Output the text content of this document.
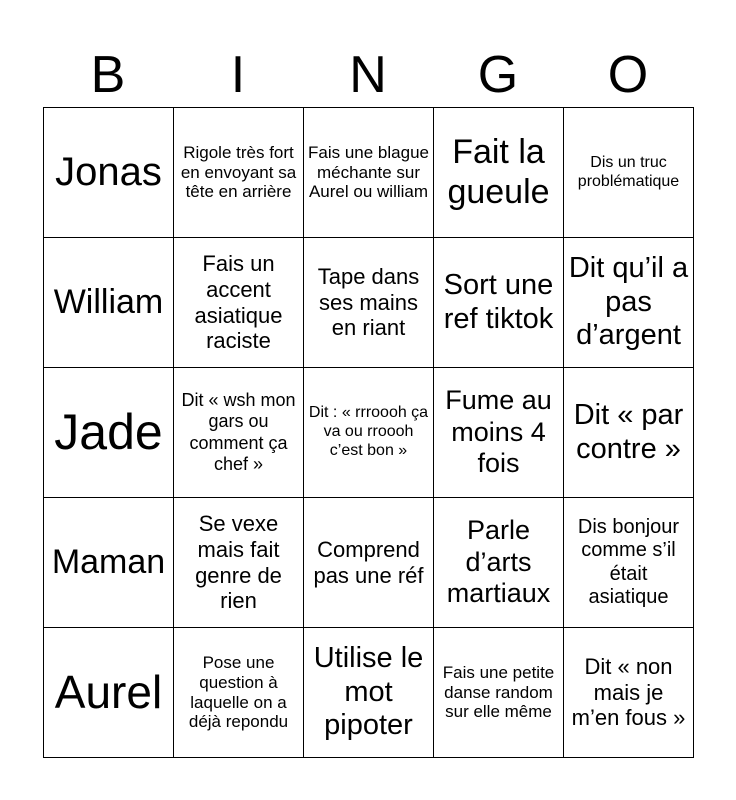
B	I	N	G	O
Jonas	Rigole très fort en envoyant sa tête en arrière	Fais une blague méchante sur Aurel ou william	Fait la gueule	Dis un truc problématique
William	Fais un accent asiatique raciste	Tape dans ses mains en riant	Sort une ref tiktok	Dit qu’il a pas d’argent
Jade	Dit « wsh mon gars ou comment ça chef »	Dit : « rrroooh ça va ou rroooh c’est bon »	Fume au moins 4 fois	Dit « par contre »
Maman	Se vexe mais fait genre de rien	Comprend pas une réf	Parle d’arts martiaux	Dis bonjour comme s’il était asiatique
Aurel	Pose une question à laquelle on a déjà repondu	Utilise le mot pipoter	Fais une petite danse random sur elle même	Dit « non mais je m’en fous »
